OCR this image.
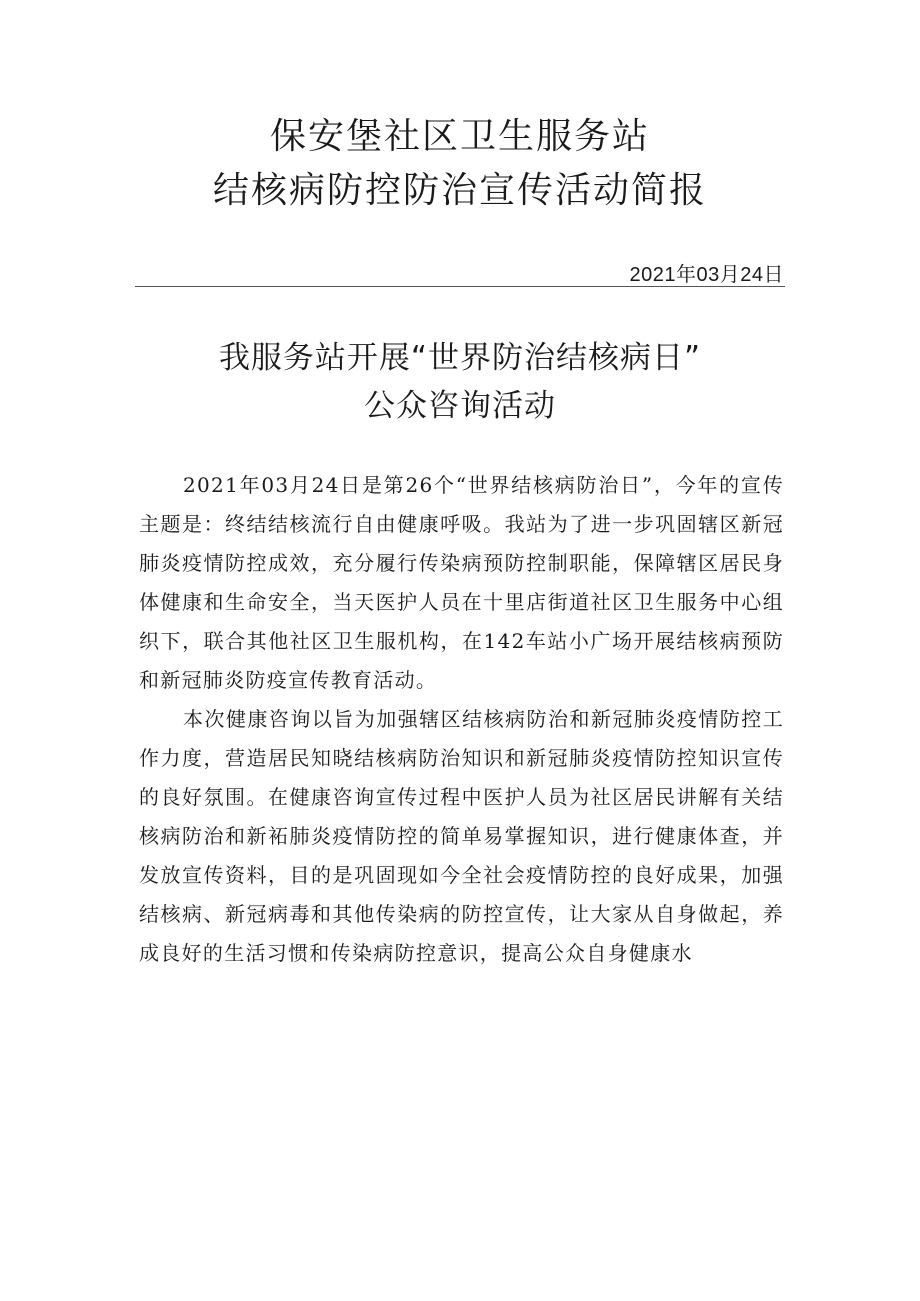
保安堡社区卫生服务站
结核病防控防治宣传活动简报
2021年03月24日
我服务站开展“世界防治结核病日”
公众咨询活动

2021年03月24日是第26个“世界结核病防治日”，今年的宣传主题是：终结结核流行自由健康呼吸。我站为了进一步巩固辖区新冠肺炎疫情防控成效，充分履行传染病预防控制职能，保障辖区居民身体健康和生命安全，当天医护人员在十里店街道社区卫生服务中心组织下，联合其他社区卫生服机构，在142车站小广场开展结核病预防和新冠肺炎防疫宣传教育活动。

本次健康咨询以旨为加强辖区结核病防治和新冠肺炎疫情防控工作力度，营造居民知晓结核病防治知识和新冠肺炎疫情防控知识宣传的良好氛围。在健康咨询宣传过程中医护人员为社区居民讲解有关结核病防治和新袥肺炎疫情防控的简单易掌握知识，进行健康体查，并发放宣传资料，目的是巩固现如今全社会疫情防控的良好成果，加强结核病、新冠病毒和其他传染病的防控宣传，让大家从自身做起，养成良好的生活习惯和传染病防控意识，提高公众自身健康水
